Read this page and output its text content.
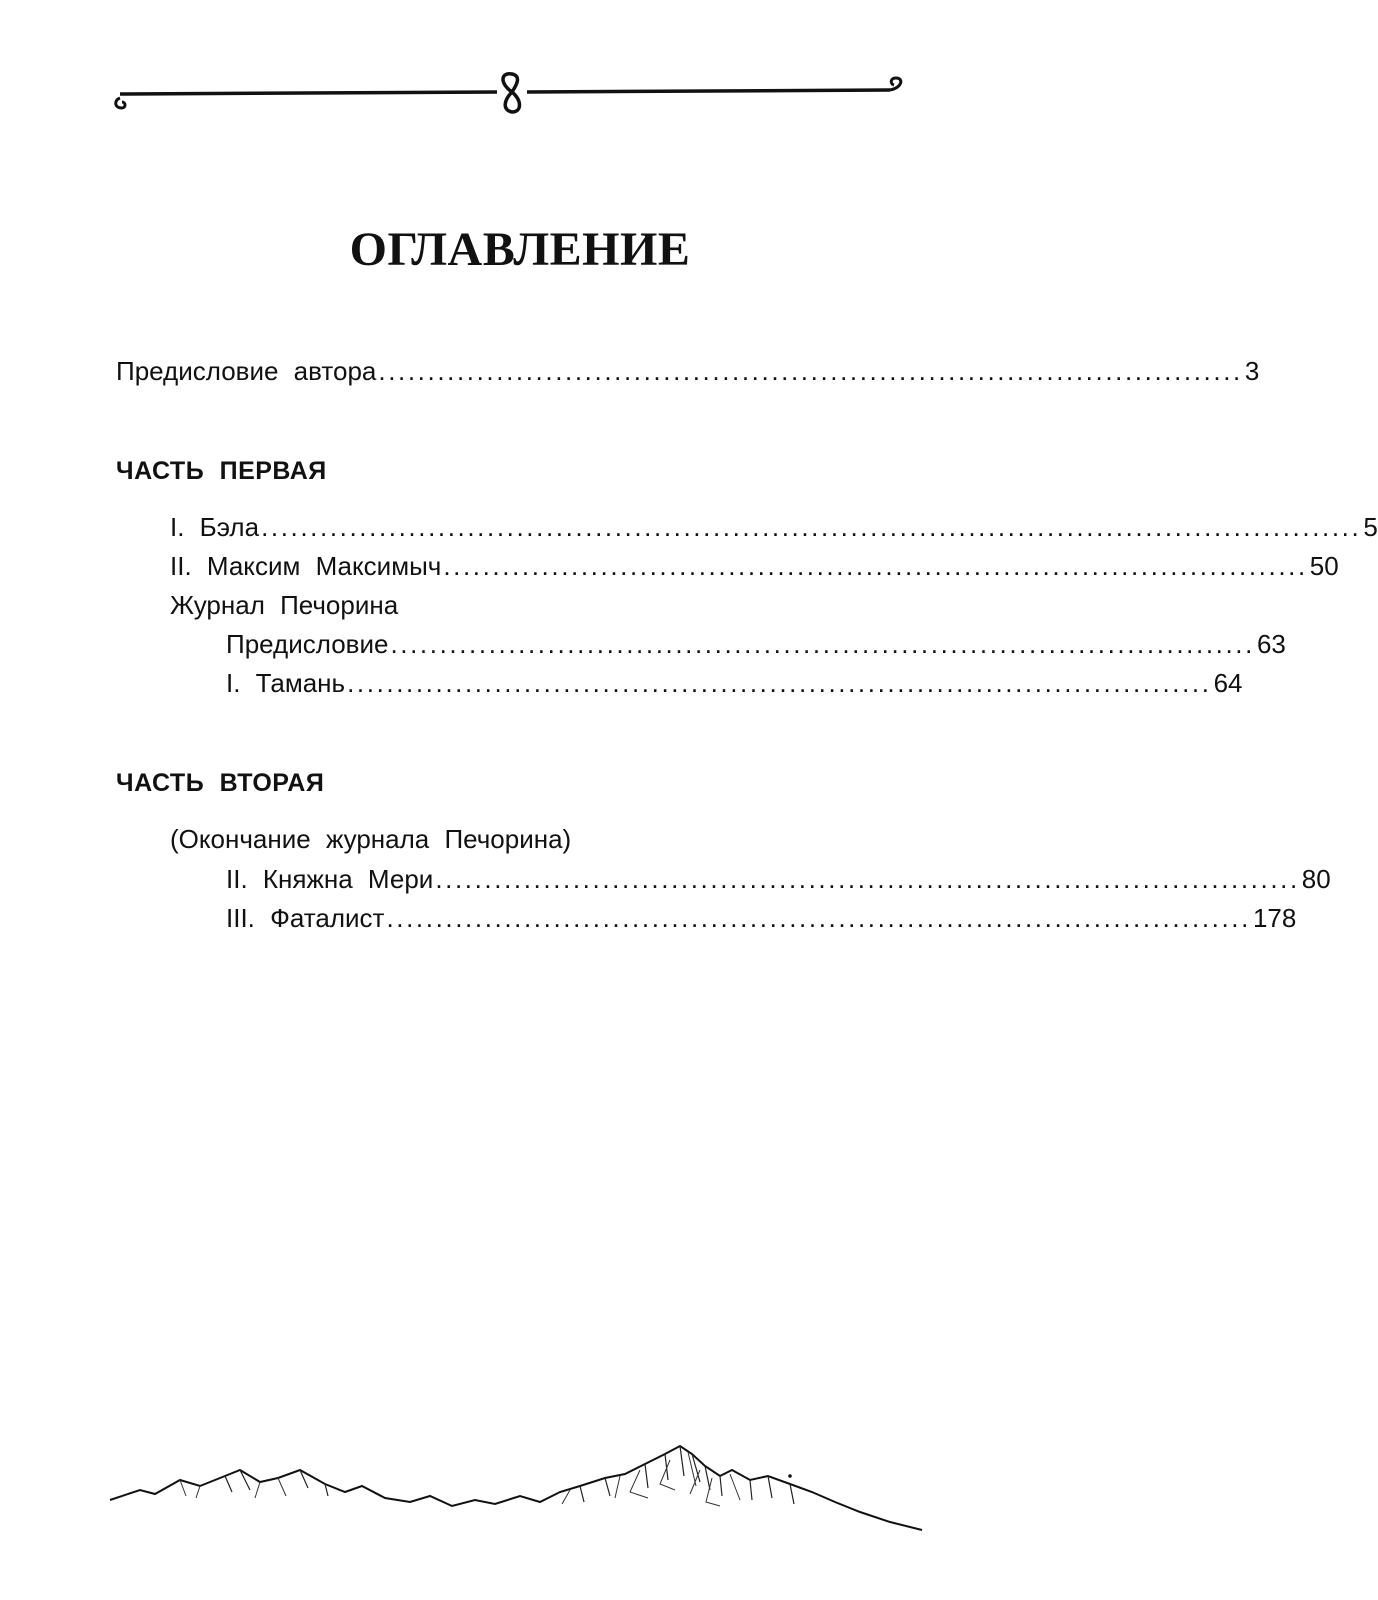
ОГЛАВЛЕНИЕ
Предисловие автора ........................................................................................ 3
ЧАСТЬ ПЕРВАЯ
I. Бэла ................................................................................................................ 5
II. Максим Максимыч ........................................................................................ 50
Журнал Печорина
Предисловие ........................................................................................ 63
I. Тамань ........................................................................................ 64
ЧАСТЬ ВТОРАЯ
(Окончание журнала Печорина)
II. Княжна Мери ........................................................................................ 80
III. Фаталист ........................................................................................ 178
